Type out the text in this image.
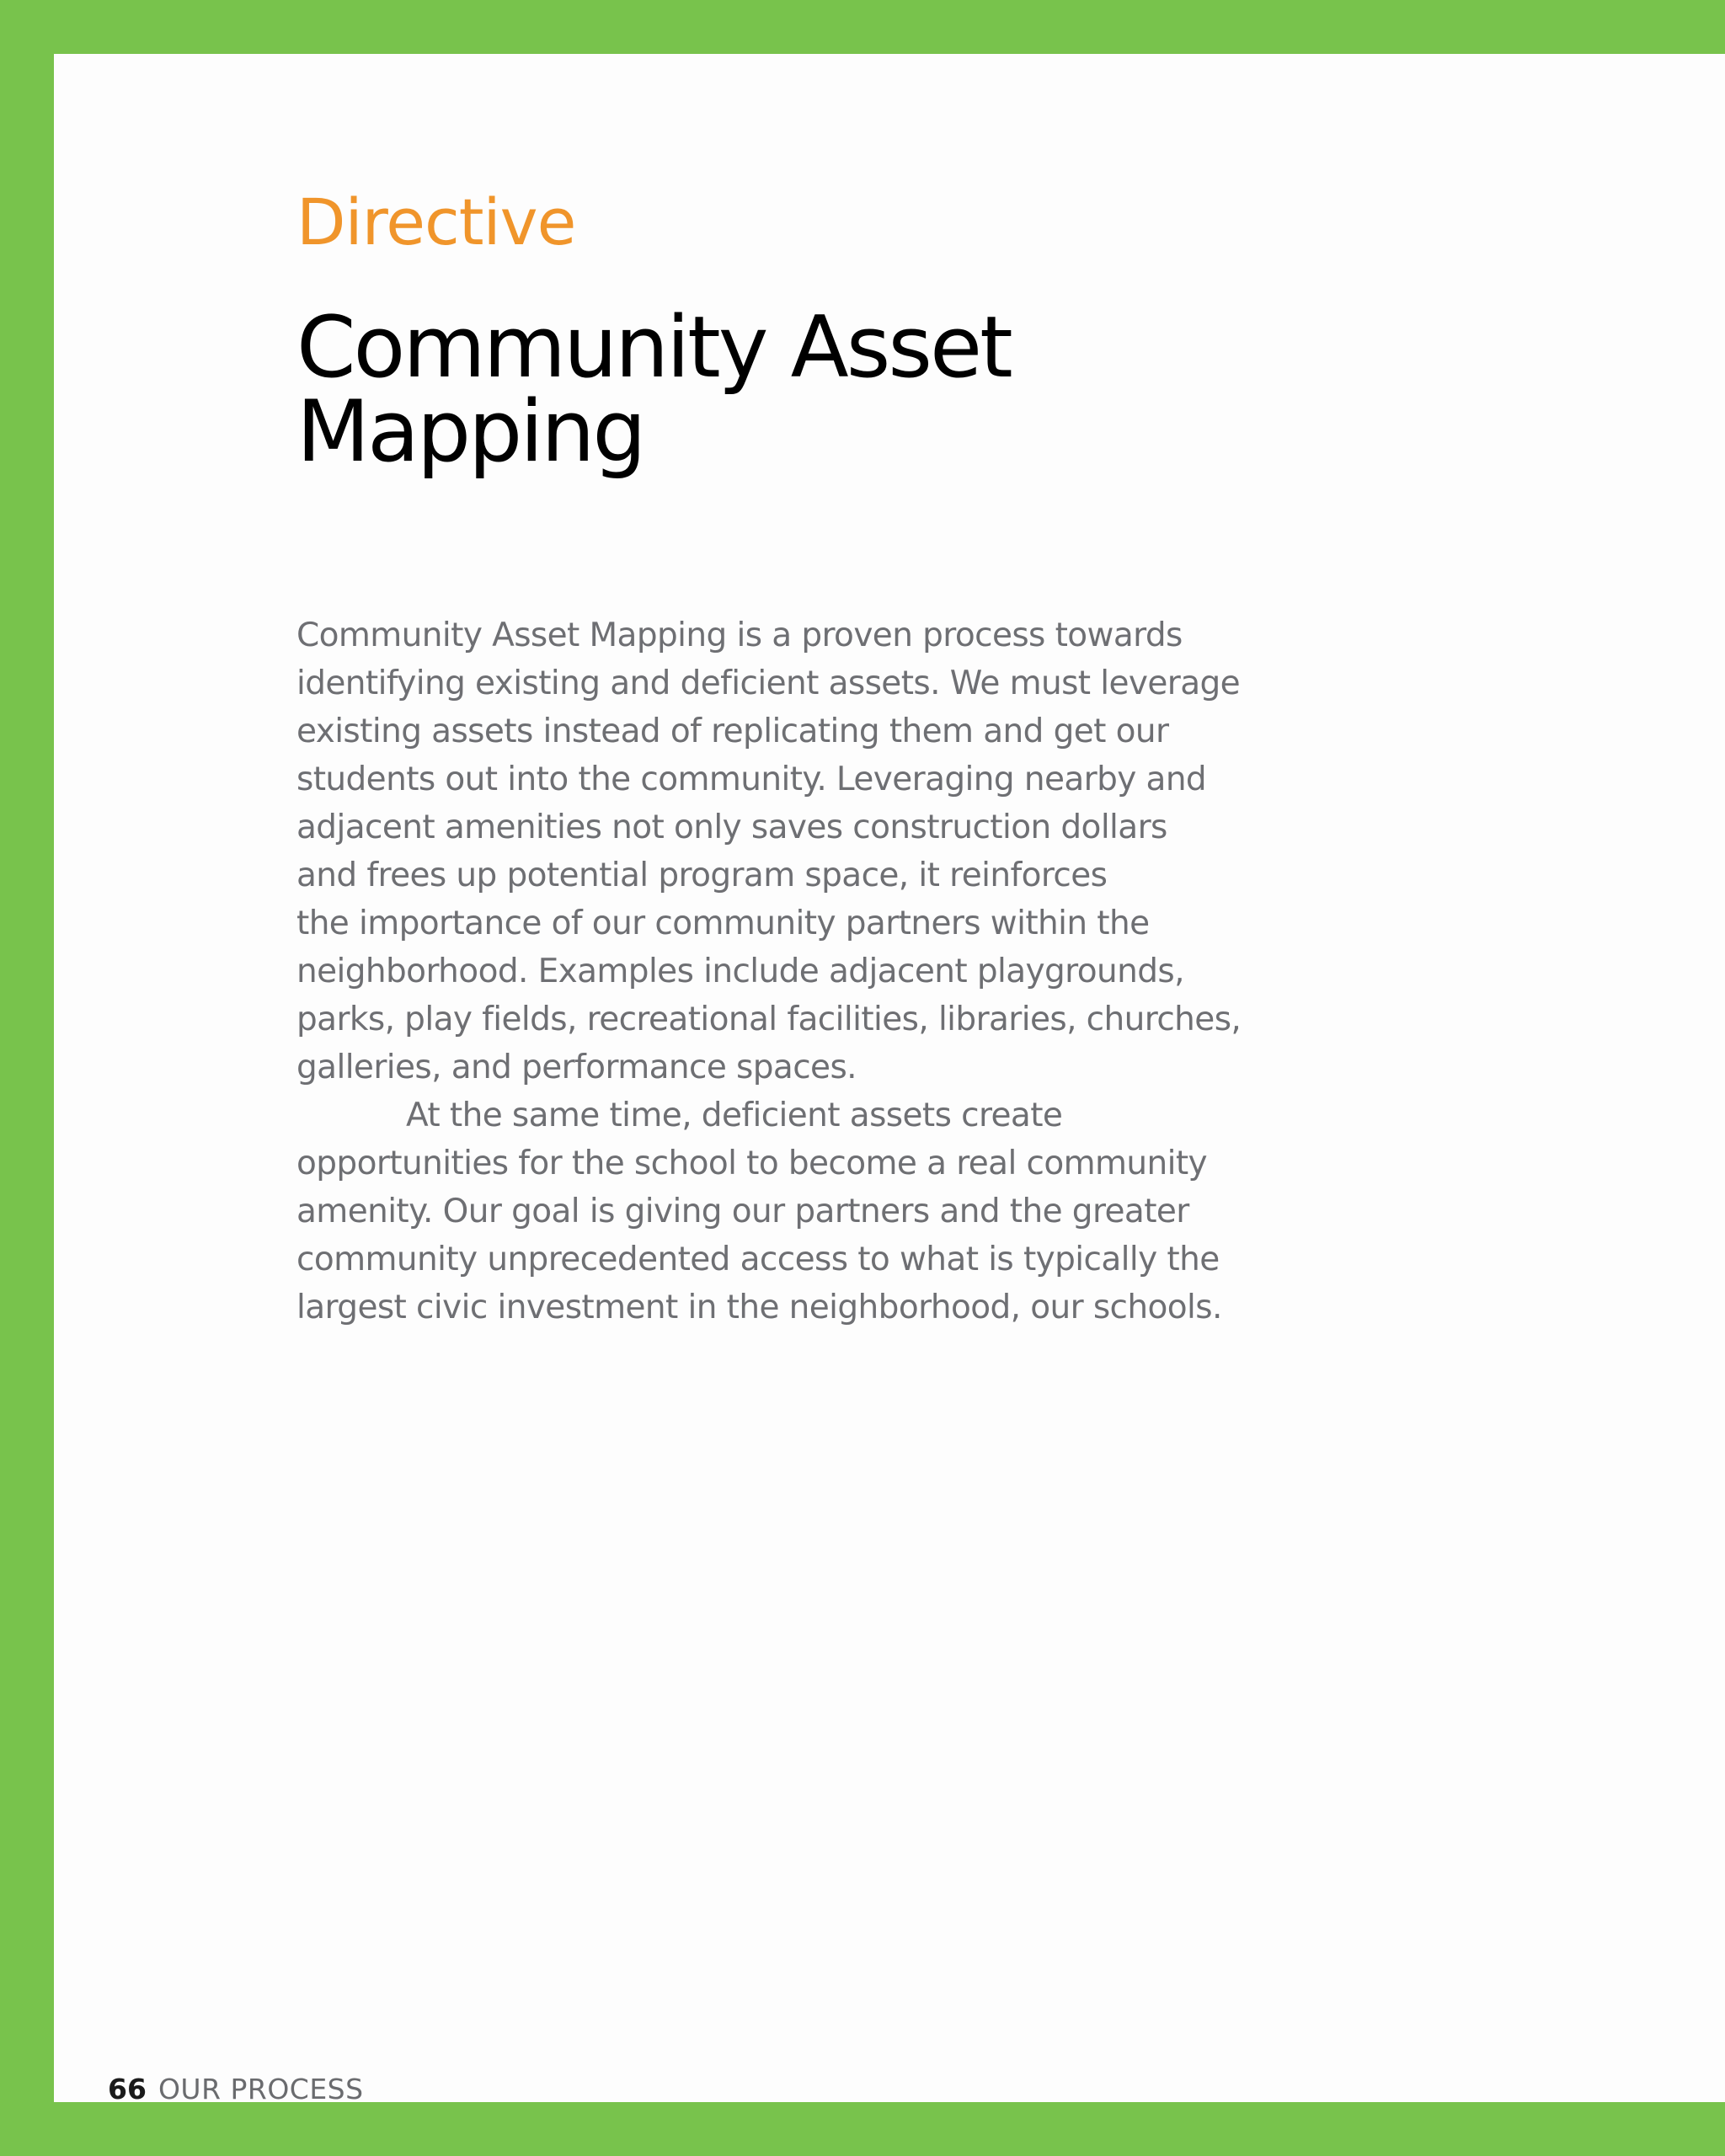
Directive
Community Asset Mapping
Community Asset Mapping is a proven process towards
identifying existing and deficient assets. We must leverage
existing assets instead of replicating them and get our
students out into the community. Leveraging nearby and
adjacent amenities not only saves construction dollars
and frees up potential program space, it reinforces
the importance of our community partners within the
neighborhood. Examples include adjacent playgrounds,
parks, play fields, recreational facilities, libraries, churches,
galleries, and performance spaces.
At the same time, deficient assets create
opportunities for the school to become a real community
amenity. Our goal is giving our partners and the greater
community unprecedented access to what is typically the
largest civic investment in the neighborhood, our schools.
66 OUR PROCESS
